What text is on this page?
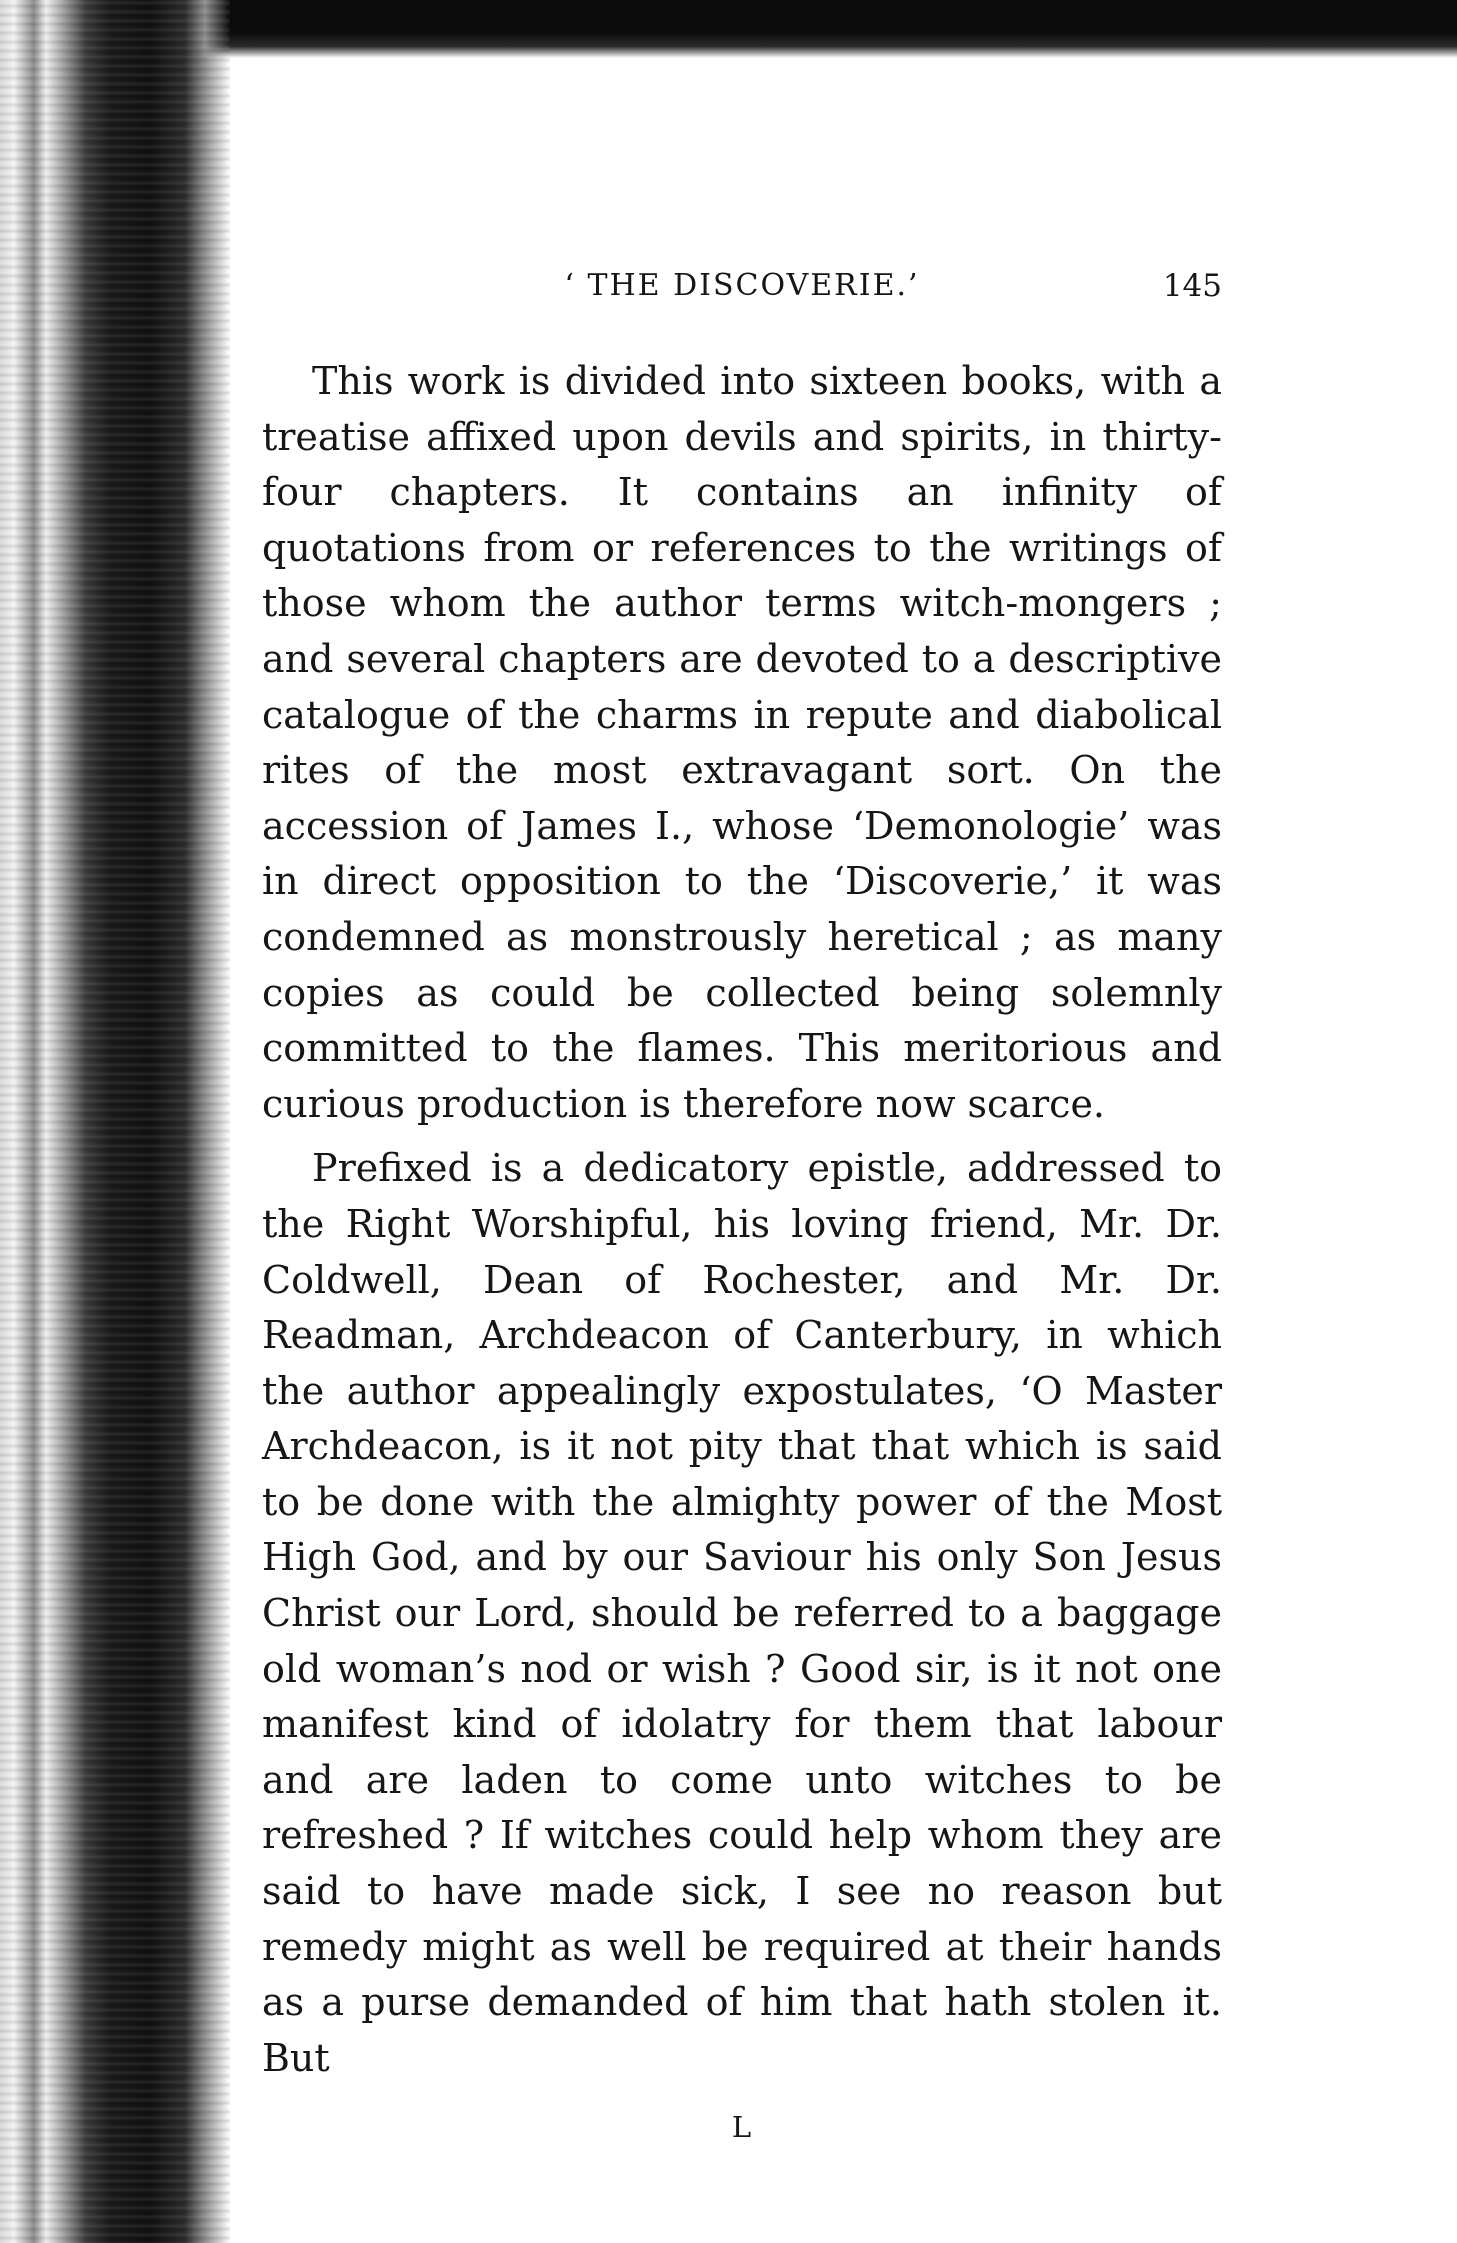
‘ THE DISCOVERIE.’	145

This work is divided into sixteen books, with a treatise affixed upon devils and spirits, in thirty-four chapters. It contains an infinity of quotations from or references to the writings of those whom the author terms witch-mongers ; and several chapters are devoted to a descriptive catalogue of the charms in repute and diabolical rites of the most extravagant sort. On the accession of James I., whose ‘Demonologie’ was in direct opposition to the ‘Discoverie,’ it was condemned as monstrously heretical ; as many copies as could be collected being solemnly committed to the flames. This meritorious and curious production is therefore now scarce.

Prefixed is a dedicatory epistle, addressed to the Right Worshipful, his loving friend, Mr. Dr. Coldwell, Dean of Rochester, and Mr. Dr. Readman, Archdeacon of Canterbury, in which the author appealingly expostulates, ‘O Master Archdeacon, is it not pity that that which is said to be done with the almighty power of the Most High God, and by our Saviour his only Son Jesus Christ our Lord, should be referred to a baggage old woman’s nod or wish ? Good sir, is it not one manifest kind of idolatry for them that labour and are laden to come unto witches to be refreshed ? If witches could help whom they are said to have made sick, I see no reason but remedy might as well be required at their hands as a purse demanded of him that hath stolen it. But

L
